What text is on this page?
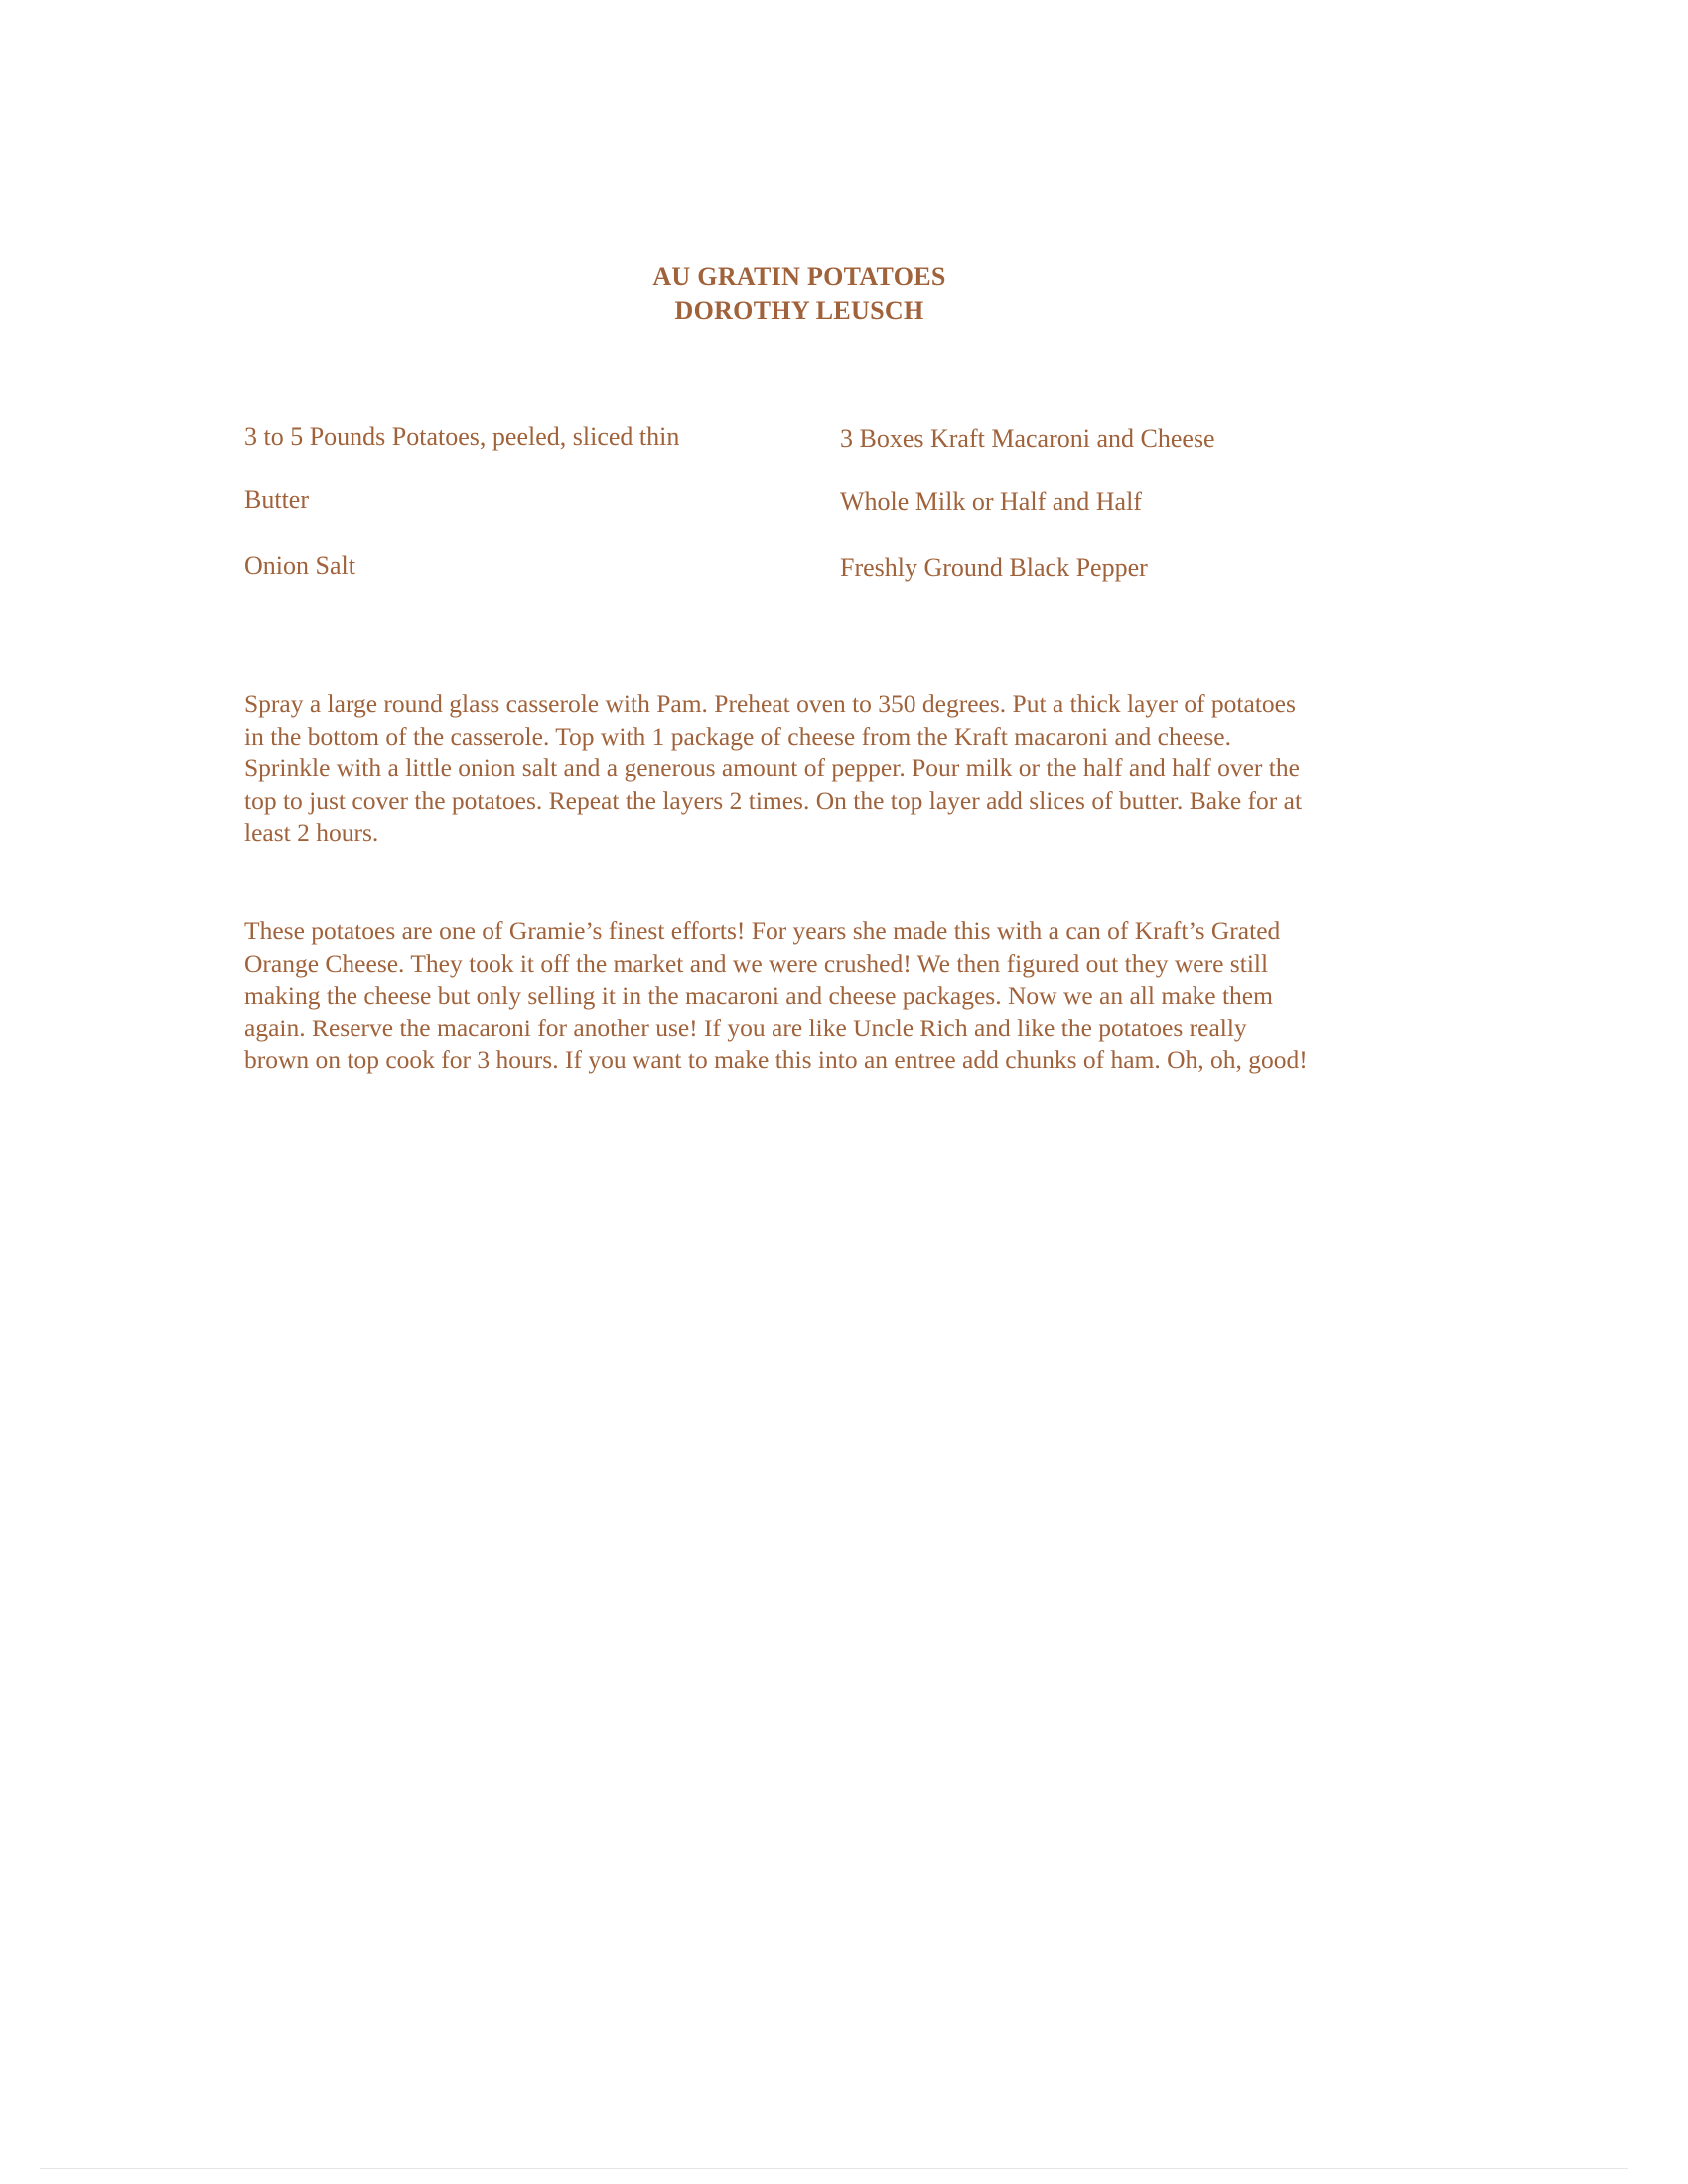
AU GRATIN POTATOES
DOROTHY LEUSCH
3 to 5 Pounds Potatoes, peeled, sliced thin	3 Boxes Kraft Macaroni and Cheese
Butter	Whole Milk or Half and Half
Onion Salt	Freshly Ground Black Pepper
Spray a large round glass casserole with Pam. Preheat oven to 350 degrees. Put a thick layer of potatoes
in the bottom of the casserole. Top with 1 package of cheese from the Kraft macaroni and cheese.
Sprinkle with a little onion salt and a generous amount of pepper. Pour milk or the half and half over the
top to just cover the potatoes. Repeat the layers 2 times. On the top layer add slices of butter. Bake for at
least 2 hours.
These potatoes are one of Gramie’s finest efforts! For years she made this with a can of Kraft’s Grated
Orange Cheese. They took it off the market and we were crushed! We then figured out they were still
making the cheese but only selling it in the macaroni and cheese packages. Now we an all make them
again. Reserve the macaroni for another use! If you are like Uncle Rich and like the potatoes really
brown on top cook for 3 hours. If you want to make this into an entree add chunks of ham. Oh, oh, good!
